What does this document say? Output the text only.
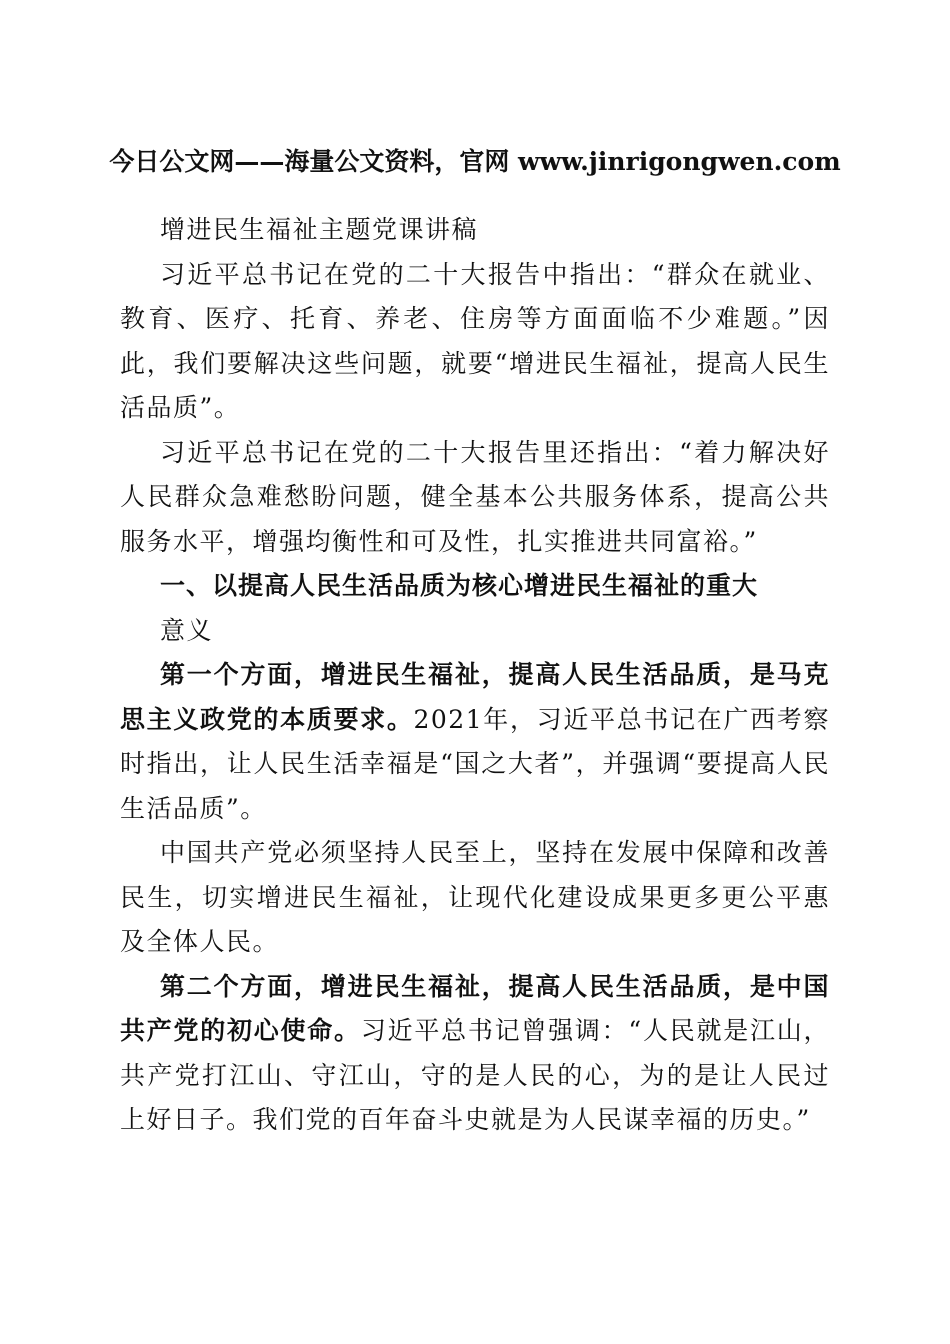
今日公文网——海量公文资料，官网 www.jinrigongwen.com

增进民生福祉主题党课讲稿

习近平总书记在党的二十大报告中指出：“群众在就业、教育、医疗、托育、养老、住房等方面面临不少难题。”因此，我们要解决这些问题，就要“增进民生福祉，提高人民生活品质”。

习近平总书记在党的二十大报告里还指出：“着力解决好人民群众急难愁盼问题，健全基本公共服务体系，提高公共服务水平，增强均衡性和可及性，扎实推进共同富裕。”

一、以提高人民生活品质为核心增进民生福祉的重大

意义

第一个方面，增进民生福祉，提高人民生活品质，是马克思主义政党的本质要求。2021年，习近平总书记在广西考察时指出，让人民生活幸福是“国之大者”，并强调“要提高人民生活品质”。

中国共产党必须坚持人民至上，坚持在发展中保障和改善民生，切实增进民生福祉，让现代化建设成果更多更公平惠及全体人民。

第二个方面，增进民生福祉，提高人民生活品质，是中国共产党的初心使命。习近平总书记曾强调：“人民就是江山，共产党打江山、守江山，守的是人民的心，为的是让人民过上好日子。我们党的百年奋斗史就是为人民谋幸福的历史。”
